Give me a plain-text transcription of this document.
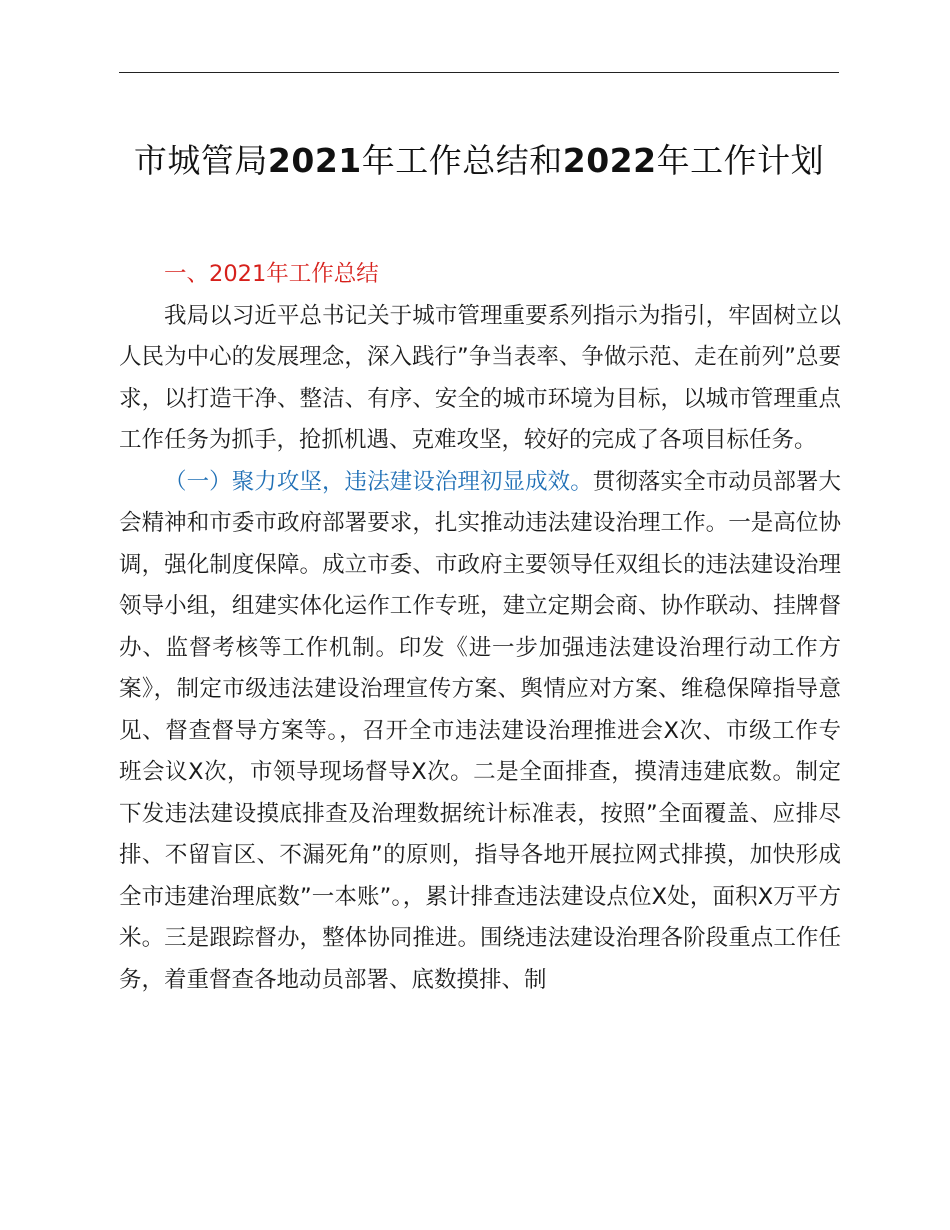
市城管局2021年工作总结和2022年工作计划

一、2021年工作总结

我局以习近平总书记关于城市管理重要系列指示为指引，牢固树立以人民为中心的发展理念，深入践行”争当表率、争做示范、走在前列”总要求，以打造干净、整洁、有序、安全的城市环境为目标，以城市管理重点工作任务为抓手，抢抓机遇、克难攻坚，较好的完成了各项目标任务。

（一）聚力攻坚，违法建设治理初显成效。贯彻落实全市动员部署大会精神和市委市政府部署要求，扎实推动违法建设治理工作。一是高位协调，强化制度保障。成立市委、市政府主要领导任双组长的违法建设治理领导小组，组建实体化运作工作专班，建立定期会商、协作联动、挂牌督办、监督考核等工作机制。印发《进一步加强违法建设治理行动工作方案》，制定市级违法建设治理宣传方案、舆情应对方案、维稳保障指导意见、督查督导方案等。，召开全市违法建设治理推进会X次、市级工作专班会议X次，市领导现场督导X次。二是全面排查，摸清违建底数。制定下发违法建设摸底排查及治理数据统计标准表，按照”全面覆盖、应排尽排、不留盲区、不漏死角”的原则，指导各地开展拉网式排摸，加快形成全市违建治理底数”一本账”。，累计排查违法建设点位X处，面积X万平方米。三是跟踪督办，整体协同推进。围绕违法建设治理各阶段重点工作任务，着重督查各地动员部署、底数摸排、制
